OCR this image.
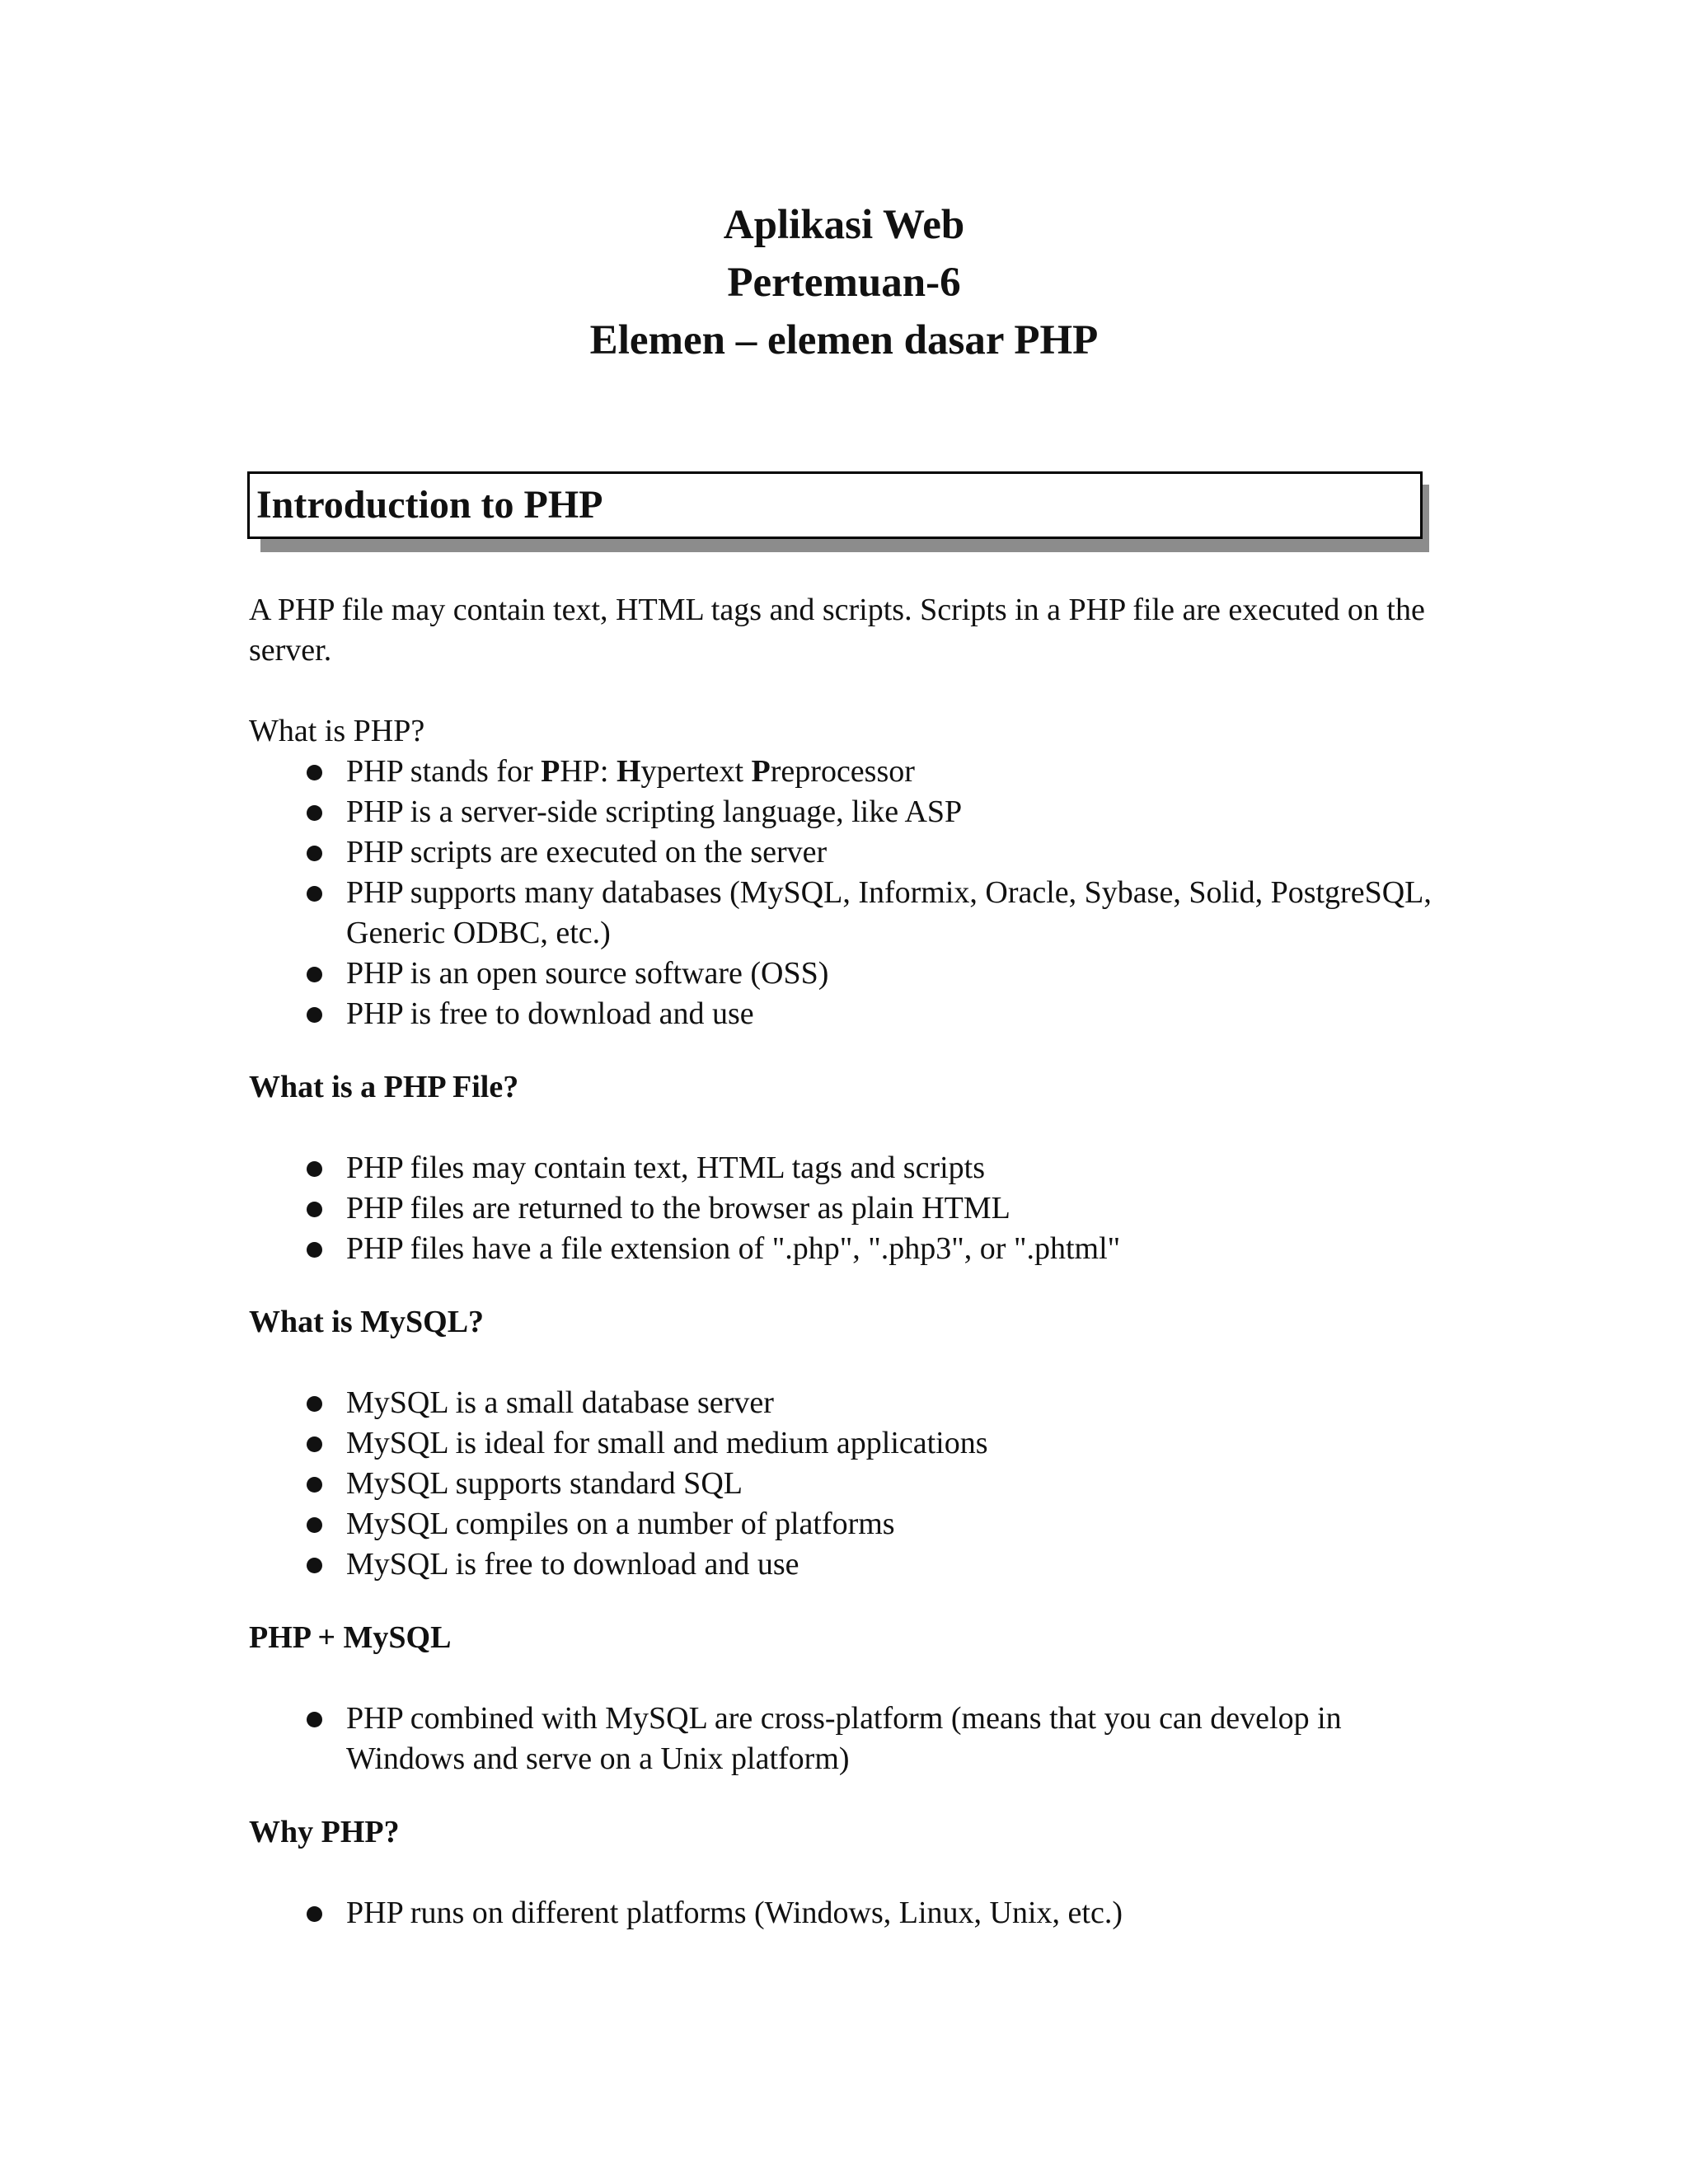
Aplikasi Web

Pertemuan-6

Elemen – elemen dasar PHP

Introduction to PHP

A PHP file may contain text, HTML tags and scripts. Scripts in a PHP file are executed on the server.

What is PHP?

PHP stands for PHP: Hypertext Preprocessor
PHP is a server-side scripting language, like ASP
PHP scripts are executed on the server
PHP supports many databases (MySQL, Informix, Oracle, Sybase, Solid, PostgreSQL, Generic ODBC, etc.)
PHP is an open source software (OSS)
PHP is free to download and use

What is a PHP File?

PHP files may contain text, HTML tags and scripts
PHP files are returned to the browser as plain HTML
PHP files have a file extension of ".php", ".php3", or ".phtml"

What is MySQL?

MySQL is a small database server
MySQL is ideal for small and medium applications
MySQL supports standard SQL
MySQL compiles on a number of platforms
MySQL is free to download and use

PHP + MySQL

PHP combined with MySQL are cross-platform (means that you can develop in Windows and serve on a Unix platform)

Why PHP?

PHP runs on different platforms (Windows, Linux, Unix, etc.)
